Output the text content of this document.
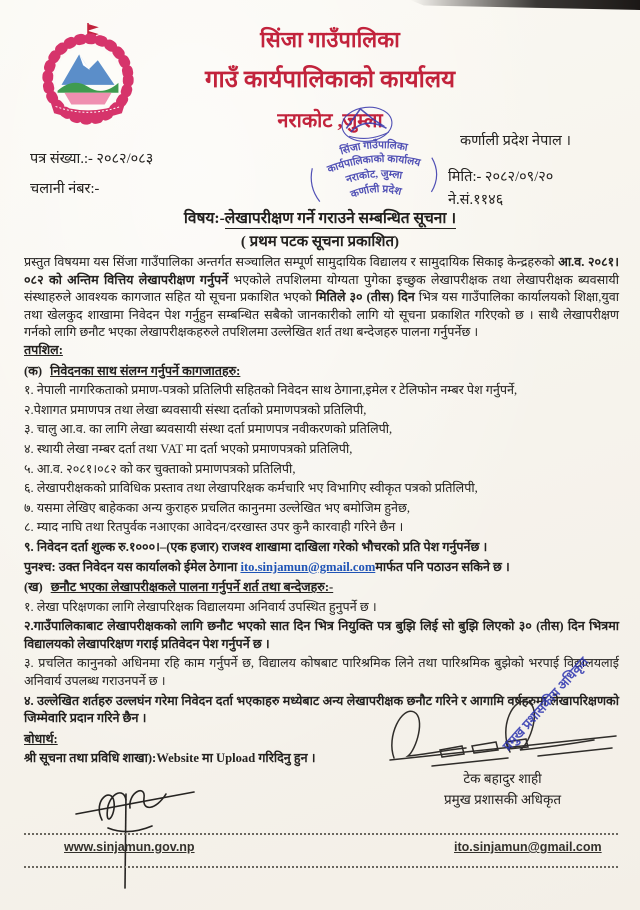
सिंजा गाउँपालिका
गाउँ कार्यपालिकाको कार्यालय
नराकोट ,जुम्ला
सिंजा गाउँपालिका
कार्यपालिकाको कार्यालय
नराकोट, जुम्ला
कर्णाली प्रदेश
पत्र संख्या.:- २०८२/०८३
चलानी नंबर:-
कर्णाली प्रदेश नेपाल ।
मिति:- २०८२/०९/२०
ने.सं.११४६
विषय:-लेखापरीक्षण गर्ने गराउने सम्बन्धित सूचना ।
( प्रथम पटक सूचना प्रकाशित)
प्रस्तुत विषयमा यस सिंजा गाउँपालिका अन्तर्गत सञ्चालित सम्पूर्ण सामुदायिक विद्यालय र सामुदायिक सिकाइ केन्द्रहरुको आ.व. २०८१।०८२ को अन्तिम वित्तिय लेखापरीक्षण गर्नुपर्ने भएकोले तपशिलमा योग्यता पुगेका इच्छुक लेखापरीक्षक तथा लेखापरीक्षक ब्यवसायी संस्थाहरुले आवश्यक कागजात सहित यो सूचना प्रकाशित भएको मितिले ३० (तीस) दिन भित्र यस गाउँपालिका कार्यालयको शिक्षा,युवा तथा खेलकुद शाखामा निवेदन पेश गर्नुहुन सम्बन्धित सबैको जानकारीको लागि यो सूचना प्रकाशित गरिएको छ । साथै लेखापरीक्षण गर्नको लागि छनौट भएका लेखापरीक्षकहरुले तपशिलमा उल्लेखित शर्त तथा बन्देजहरु पालना गर्नुपर्नेछ ।
तपशिल:
(क) निवेदनका साथ संलग्न गर्नुपर्ने कागजातहरु:
१. नेपाली नागरिकताको प्रमाण-पत्रको प्रतिलिपी सहितको निवेदन साथ ठेगाना,इमेल र टेलिफोन नम्बर पेश गर्नुपर्ने,
२.पेशागत प्रमाणपत्र तथा लेखा ब्यवसायी संस्था दर्ताको प्रमाणपत्रको प्रतिलिपी,
३. चालु आ.व. का लागि लेखा ब्यवसायी संस्था दर्ता प्रमाणपत्र नवीकरणको प्रतिलिपी,
४. स्थायी लेखा नम्बर दर्ता तथा VAT मा दर्ता भएको प्रमाणपत्रको प्रतिलिपी,
५. आ.व. २०८१।०८२ को कर चुक्ताको प्रमाणपत्रको प्रतिलिपी,
६. लेखापरीक्षकको प्राविधिक प्रस्ताव तथा लेखापरिक्षक कर्मचारि भए विभागिए स्वीकृत पत्रको प्रतिलिपी,
७. यसमा लेखिए बाहेकका अन्य कुराहरु प्रचलित कानुनमा उल्लेखित भए बमोजिम हुनेछ,
८. म्याद नाघि तथा रितपुर्वक नआएका आवेदन/दरखास्त उपर कुनै कारवाही गरिने छैन ।
९. निवेदन दर्ता शुल्क रु.१०००।–(एक हजार) राजश्व शाखामा दाखिला गरेको भौचरको प्रति पेश गर्नुपर्नेछ ।
पुनश्च: उक्त निवेदन यस कार्यालको ईमेल ठेगाना ito.sinjamun@gmail.comमार्फत पनि पठाउन सकिने छ ।
(ख) छनौट भएका लेखापरीक्षकले पालना गर्नुपर्ने शर्त तथा बन्देजहरु:-
१. लेखा परिक्षणका लागि लेखापरिक्षक विद्यालयमा अनिवार्य उपस्थित हुनुपर्ने छ ।
२.गाउँपालिकाबाट लेखापरीक्षकको लागि छनौट भएको सात दिन भित्र नियुक्ति पत्र बुझि लिई सो बुझि लिएको ३० (तीस) दिन भित्रमा विद्यालयको लेखापरिक्षण गराई प्रतिवेदन पेश गर्नुपर्ने छ ।
३. प्रचलित कानुनको अधिनमा रहि काम गर्नुपर्ने छ, विद्यालय कोषबाट पारिश्रमिक लिने तथा पारिश्रमिक बुझेको भरपाई विद्यालयलाई अनिवार्य उपलब्ध गराउनपर्ने छ ।
४. उल्लेखित शर्तहरु उल्लघंन गरेमा निवेदन दर्ता भएकाहरु मध्येबाट अन्य लेखापरीक्षक छनौट गरिने र आगामि वर्षहरुमा लेखापरिक्षणको जिम्मेवारि प्रदान गरिने छैन ।
बोधार्थ:
श्री सूचना तथा प्रविधि शाखा):Website मा Upload गरिदिनु हुन ।
टेक बहादुर शाही
प्रमुख प्रशासकी अधिकृत
प्रमुख प्रशासकीय अधिकृत
www.sinjamun.gov.np	ito.sinjamun@gmail.com
